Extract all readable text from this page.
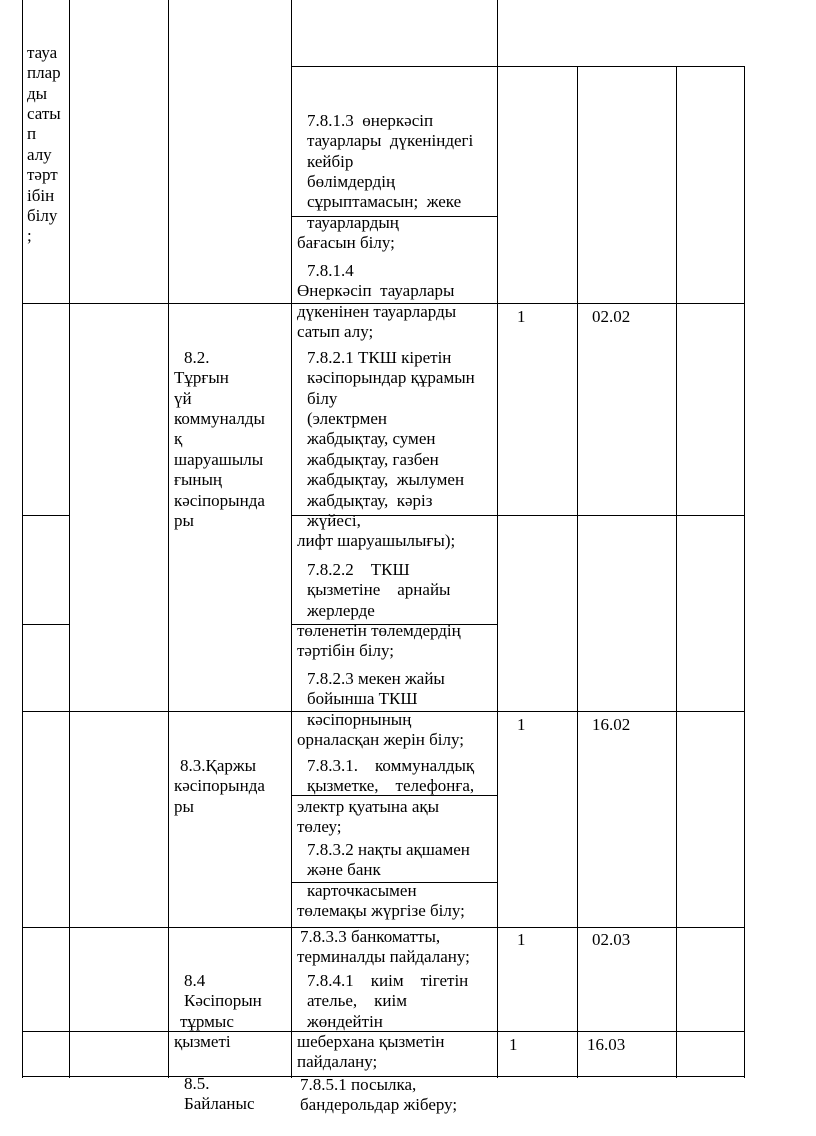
тауа
плар
ды
саты
п
алу
тәрт
ібін
білу
;

8.2.
Тұрғын
үй
коммуналды
қ
шаруашылы
ғының
кәсіпорында
ры

8.3.Қаржы
кәсіпорында
ры

8.4
Кәсіпорын
тұрмыс
қызметі

8.5.
Байланыс

7.8.1.3  өнеркәсіп
тауарлары  дүкеніндегі
кейбір
бөлімдердің
сұрыптамасын;  жеке
тауарлардың
бағасын білу;

7.8.1.4
Өнеркәсіп  тауарлары
дүкенінен тауарларды
сатып алу;

7.8.2.1 ТКШ кіретін
кәсіпорындар құрамын
білу
(электрмен
жабдықтау, сумен
жабдықтау, газбен
жабдықтау,  жылумен
жабдықтау,  кәріз
жүйесі,
лифт шаруашылығы);

7.8.2.2    ТКШ
қызметіне    арнайы
жерлерде
төленетін төлемдердің
тәртібін білу;

7.8.2.3 мекен жайы
бойынша ТКШ
кәсіпорнының
орналасқан жерін білу;

7.8.3.1.    коммуналдық
қызметке,    телефонға,
электр қуатына ақы
төлеу;

7.8.3.2 нақты ақшамен
және банк
карточкасымен
төлемақы жүргізе білу;

7.8.3.3 банкоматты,
терминалды пайдалану;

7.8.4.1    киім    тігетін
ателье,    киім
жөндейтін
шеберхана қызметін
пайдалану;

7.8.5.1 посылка,
бандерольдар жіберу;

1
1
1
1
02.02
16.02
02.03
16.03
